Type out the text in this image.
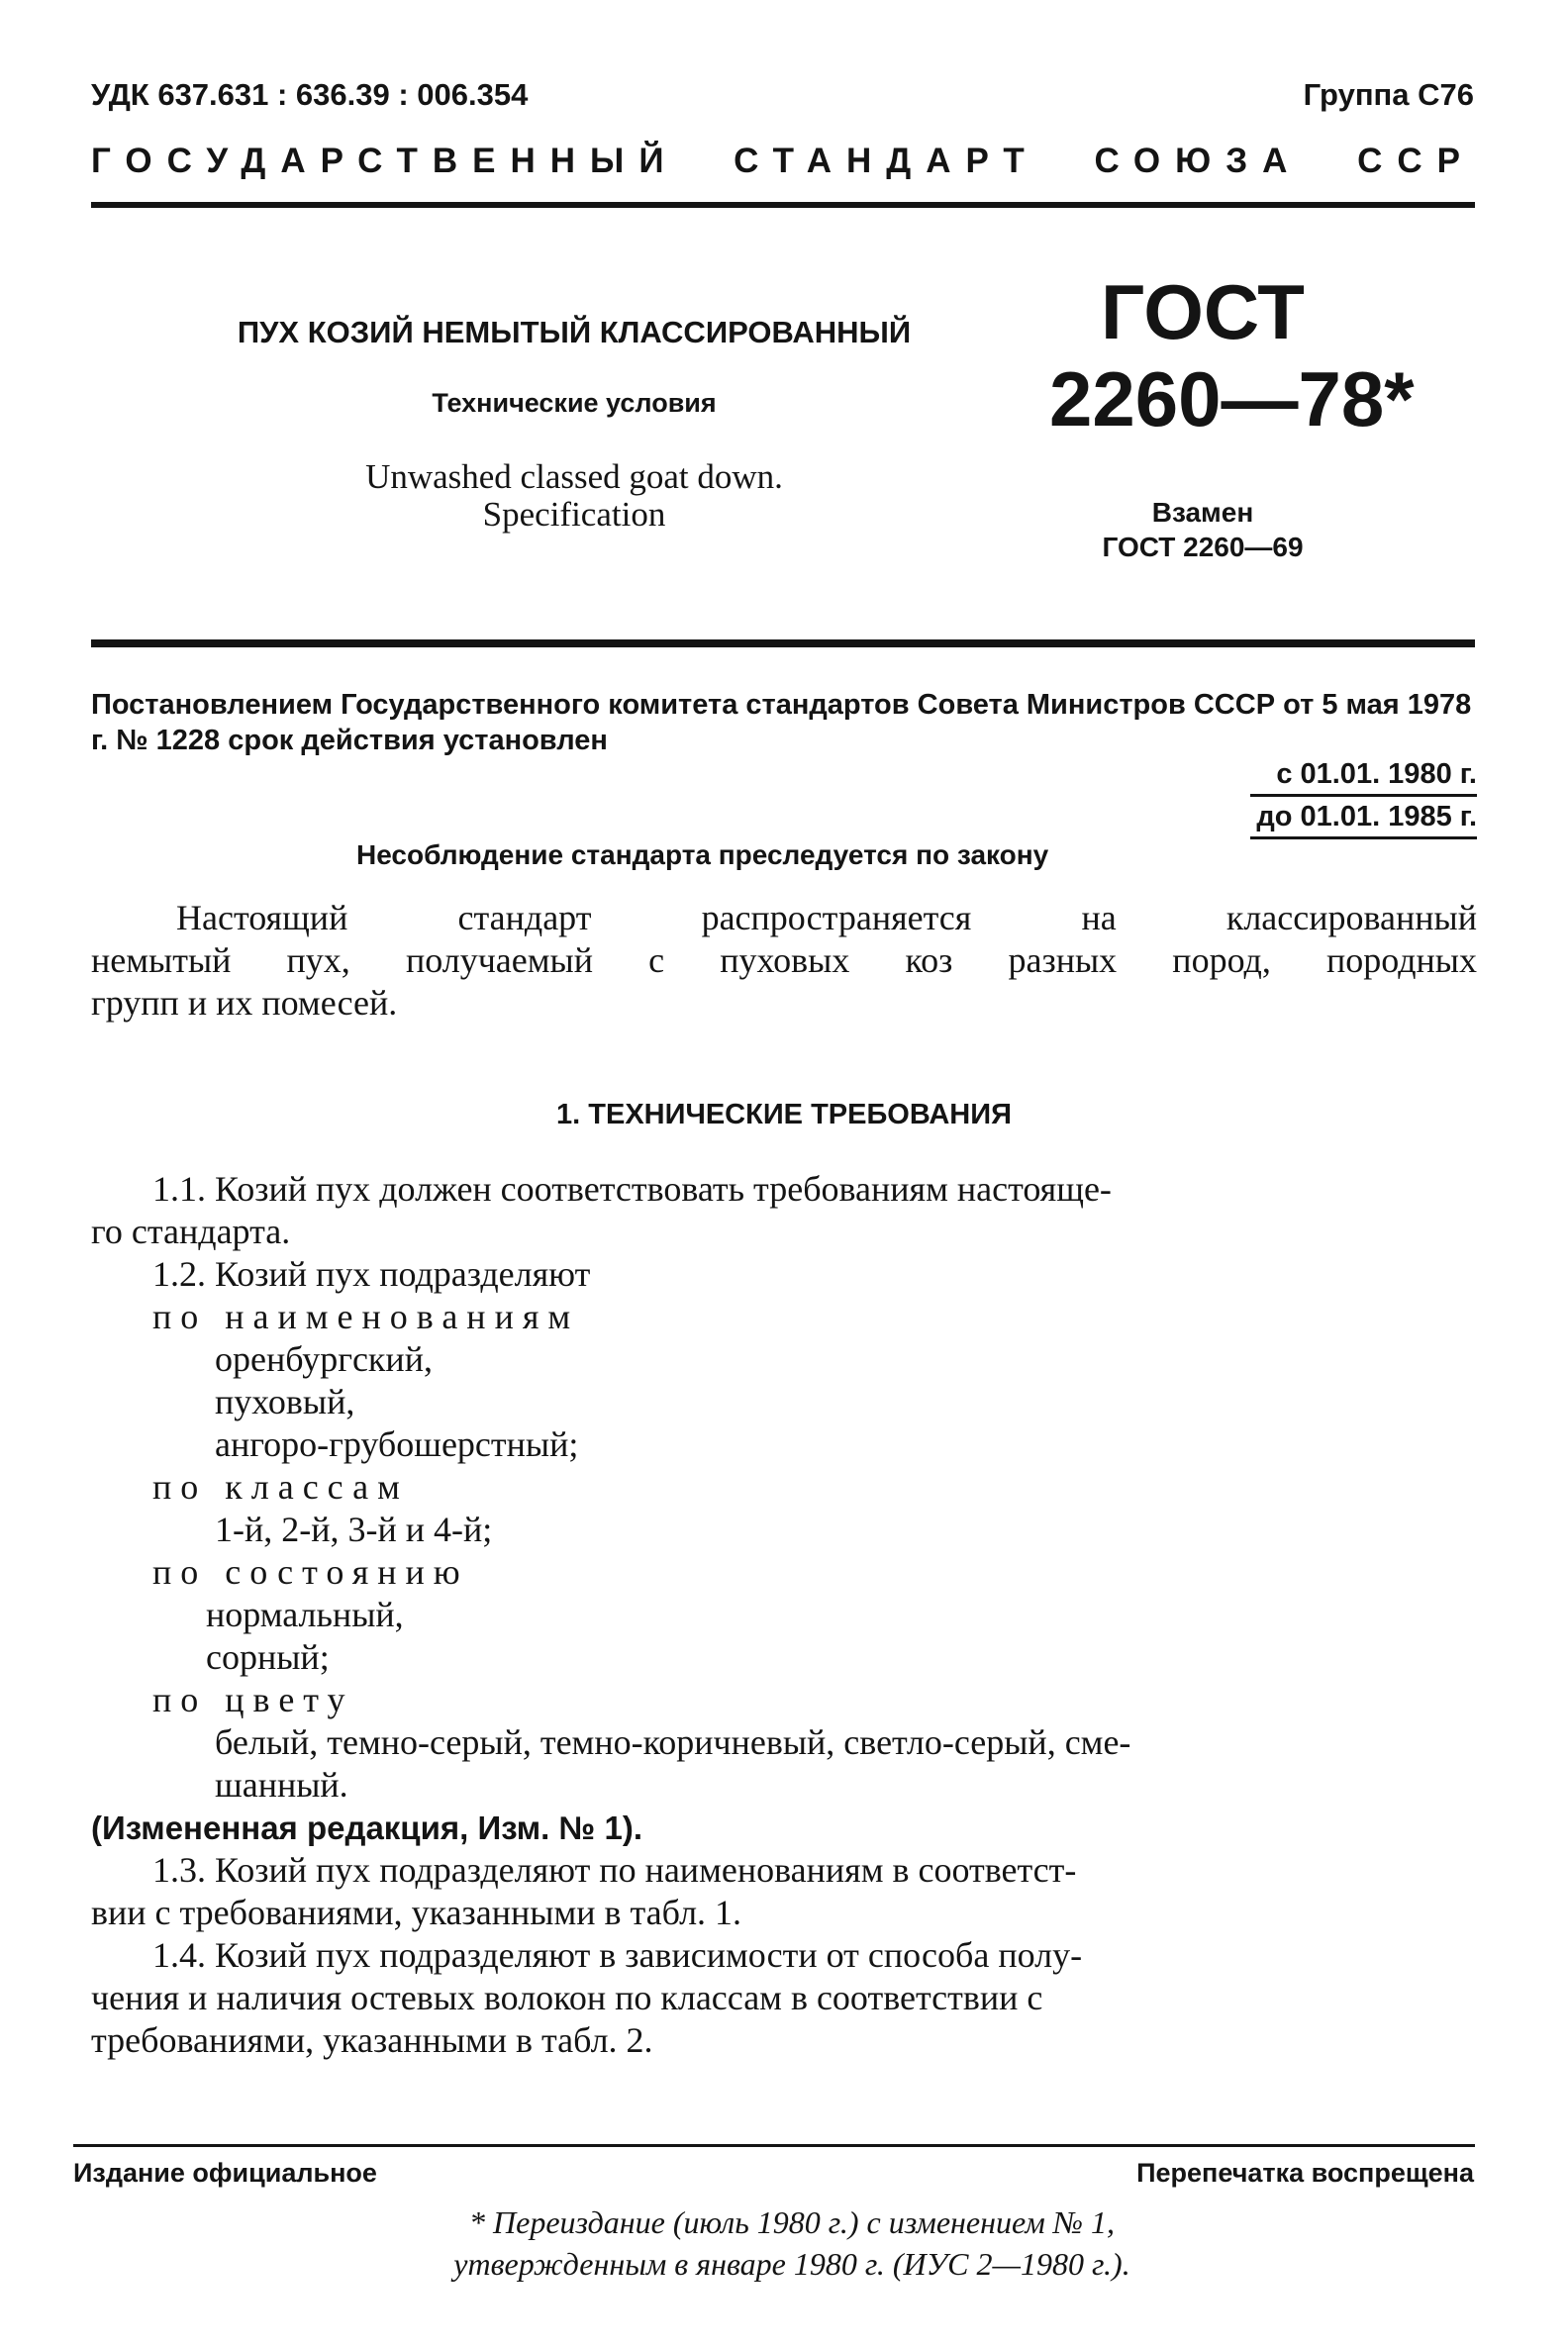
УДК 637.631 : 636.39 : 006.354	Группа С76
ГОСУДАРСТВЕННЫЙ СТАНДАРТ СОЮЗА ССР
ПУХ КОЗИЙ НЕМЫТЫЙ КЛАССИРОВАННЫЙ
Технические условия
Unwashed classed goat down.
Specification
ГОСТ
2260—78*
Взамен
ГОСТ 2260—69
Постановлением Государственного комитета стандартов Совета Министров СССР от 5 мая 1978 г. № 1228 срок действия установлен
с 01.01. 1980 г.
до 01.01. 1985 г.
Несоблюдение стандарта преследуется по закону

Настоящий стандарт распространяется на классированный

немытый пух, получаемый с пуховых коз разных пород, породных

групп и их помесей.

1. ТЕХНИЧЕСКИЕ ТРЕБОВАНИЯ
1.1. Козий пух должен соответствовать требованиям настояще-
го стандарта.
1.2. Козий пух подразделяют
по наименованиям
оренбургский,
пуховый,
ангоро-грубошерстный;
по классам
1-й, 2-й, 3-й и 4-й;
по состоянию
нормальный,
сорный;
по цвету
белый, темно-серый, темно-коричневый, светло-серый, сме-
шанный.
(Измененная редакция, Изм. № 1).
1.3. Козий пух подразделяют по наименованиям в соответст-
вии с требованиями, указанными в табл. 1.
1.4. Козий пух подразделяют в зависимости от способа полу-
чения и наличия остевых волокон по классам в соответствии с
требованиями, указанными в табл. 2.
Издание официальное	Перепечатка воспрещена
* Переиздание (июль 1980 г.) с изменением № 1,
утвержденным в январе 1980 г. (ИУС 2—1980 г.).
